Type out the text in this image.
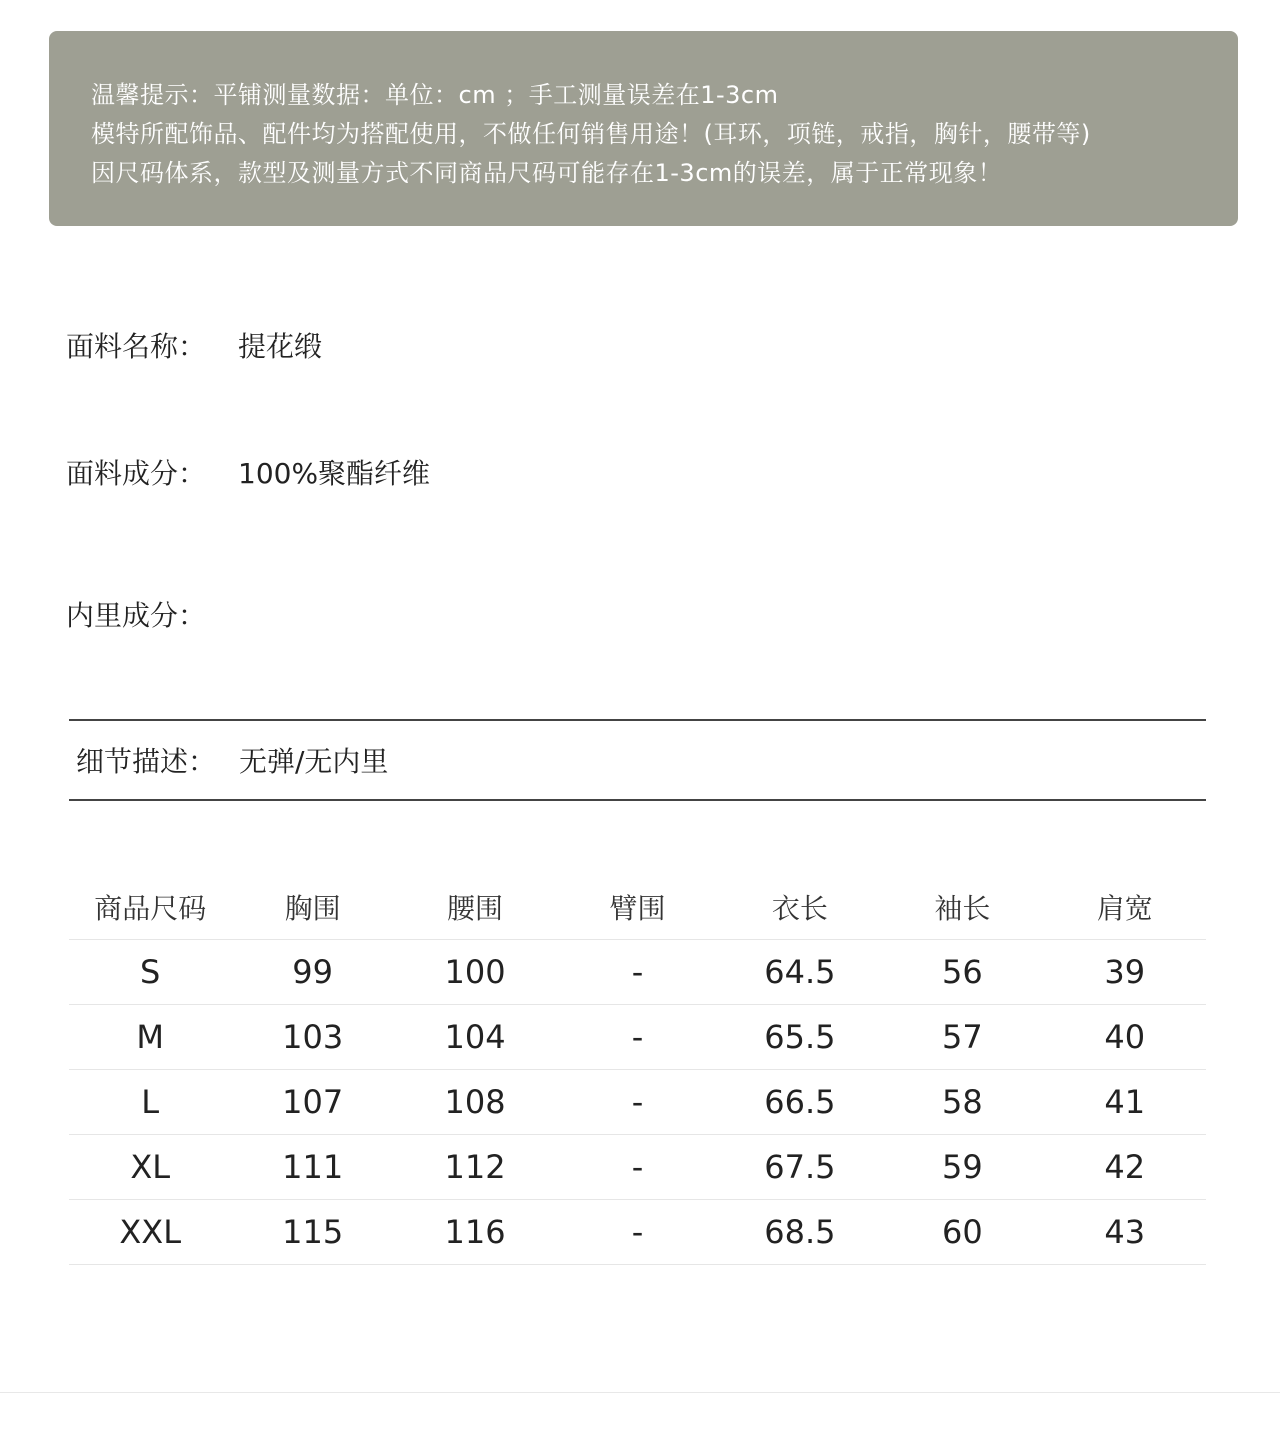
温馨提示：平铺测量数据：单位：cm ；手工测量误差在1-3cm
模特所配饰品、配件均为搭配使用，不做任何销售用途！(耳环，项链，戒指，胸针，腰带等)
因尺码体系，款型及测量方式不同商品尺码可能存在1-3cm的误差，属于正常现象！
面料名称： 提花缎
面料成分： 100%聚酯纤维
内里成分：
细节描述： 无弹/无内里
商品尺码	胸围	腰围	臂围	衣长	袖长	肩宽
S	99	100	-	64.5	56	39
M	103	104	-	65.5	57	40
L	107	108	-	66.5	58	41
XL	111	112	-	67.5	59	42
XXL	115	116	-	68.5	60	43
